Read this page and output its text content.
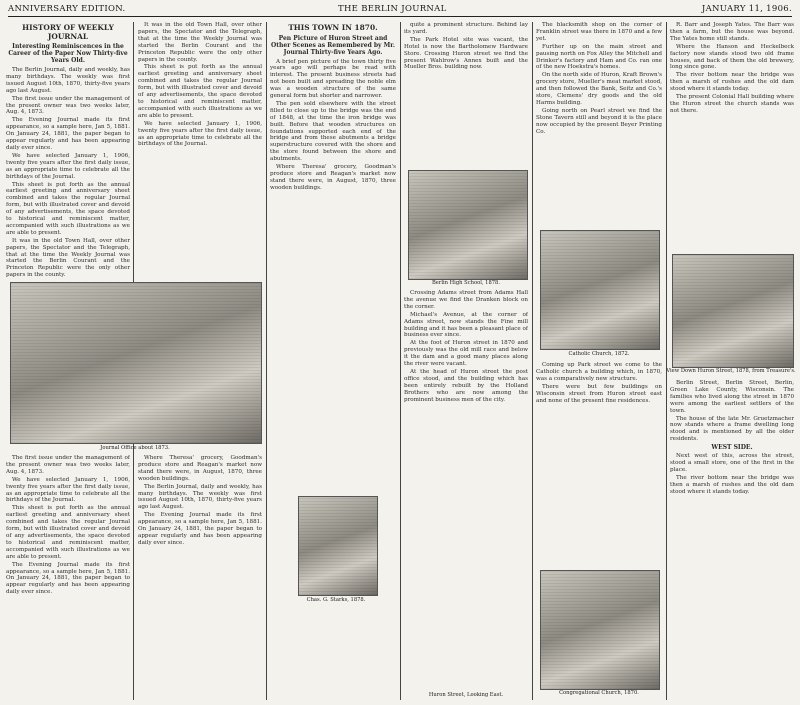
ANNIVERSARY EDITION.	THE BERLIN JOURNAL	JANUARY 11, 1906.
HISTORY OF WEEKLY JOURNAL
Interesting Reminiscences in the Career of the Paper Now Thirty-five Years Old.

The Berlin Journal, daily and weekly, has many birthdays. The weekly was first issued August 10th, 1870, thirty-five years ago last August.

The first issue under the management of the present owner was two weeks later, Aug. 4, 1873.

The Evening Journal made its first appearance, so a sample here, Jan 5, 1881. On January 24, 1881, the paper began to appear regularly and has been appearing daily ever since.

We have selected January 1, 1906, twenty five years after the first daily issue, as an appropriate time to celebrate all the birthdays of the Journal.

This sheet is put forth as the annual earliest greeting and anniversary sheet combined and takes the regular Journal form, but with illustrated cover and devoid of any advertisements, the space devoted to historical and reminiscent matter, accompanied with such illustrations as we are able to present.

It was in the old Town Hall, over other papers, the Spectator and the Telegraph, that at the time the Weekly Journal was started the Berlin Courant and the Princeton Republic were the only other papers in the county.

Journal Office about 1873.

The first issue under the management of the present owner was two weeks later, Aug. 4, 1873.

We have selected January 1, 1906, twenty five years after the first daily issue, as an appropriate time to celebrate all the birthdays of the Journal.

This sheet is put forth as the annual earliest greeting and anniversary sheet combined and takes the regular Journal form, but with illustrated cover and devoid of any advertisements, the space devoted to historical and reminiscent matter, accompanied with such illustrations as we are able to present.

The Evening Journal made its first appearance, so a sample here, Jan 5, 1881. On January 24, 1881, the paper began to appear regularly and has been appearing daily ever since.

It was in the old Town Hall, over other papers, the Spectator and the Telegraph, that at the time the Weekly Journal was started the Berlin Courant and the Princeton Republic were the only other papers in the county.

This sheet is put forth as the annual earliest greeting and anniversary sheet combined and takes the regular Journal form, but with illustrated cover and devoid of any advertisements, the space devoted to historical and reminiscent matter, accompanied with such illustrations as we are able to present.

We have selected January 1, 1906, twenty five years after the first daily issue, as an appropriate time to celebrate all the birthdays of the Journal.

Where Theresa' grocery, Goodman's produce store and Reagan's market now stand there were, in August, 1870, three wooden buildings.

The Berlin Journal, daily and weekly, has many birthdays. The weekly was first issued August 10th, 1870, thirty-five years ago last August.

The Evening Journal made its first appearance, so a sample here, Jan 5, 1881. On January 24, 1881, the paper began to appear regularly and has been appearing daily ever since.

THIS TOWN IN 1870.
Pen Picture of Huron Street and Other Scenes as Remembered by Mr. Journal Thirty-five Years Ago.

A brief pen picture of the town thirty five years ago will perhaps be read with interest. The present business streets had not been built and spreading the noble elm was a wooden structure of the same general form but shorter and narrower.

The pen sold elsewhere with the street filled to close up to the bridge was the end of 1848, at the time the iron bridge was built. Before that wooden structures on foundations supported each end of the bridge and from these abutments a bridge superstructure covered with the shore and the store found between the shore and abutments.

Where Theresa' grocery, Goodman's produce store and Reagan's market now stand there were, in August, 1870, three wooden buildings.

Chas. G. Starks, 1878.

quite a prominent structure. Behind lay its yard.

The Park Hotel site was vacant, the Hotel is now the Bartholomew Hardware Store. Crossing Huron street we find the present Wahlrow's Annex built and the Mueller Bros. building now.

Berlin High School, 1878.

Crossing Adams street from Adams Hall the avenue we find the Dranken block on the corner.

Michael's Avenue, at the corner of Adams street, now stands the Fine mill building and it has been a pleasant place of business ever since.

At the foot of Huron street in 1870 and previously was the old mill race and below it the dam and a good many places along the river were vacant.

At the head of Huron street the post office stood, and the building which has been entirely rebuilt by the Holland Brothers who are now among the prominent business men of the city.

The blacksmith shop on the corner of Franklin street was there in 1870 and a few yet.

Further up on the main street and pausing north on Fox Alley the Mitchell and Drinker's factory and Ham and Co. ran one of the new Hoekstra's homes.

On the north side of Huron, Kraft Brown's grocery store, Mueller's meat market stood, and then followed the Bank, Seitz and Co.'s store, Clemens' dry goods and the old Harms building.

Going north on Pearl street we find the Stone Tavern still and beyond it is the place now occupied by the present Beyer Printing Co.

Catholic Church, 1872.

Coming up Park street we come to the Catholic church a building which, in 1870, was a comparatively new structure.

There were but few buildings on Wisconsin street from Huron street east and none of the present fine residences.

Congregational Church, 1870.

R. Barr and Joseph Yates. The Barr was then a farm, but the house was beyond. The Yates home still stands.

Where the Hanson and Heckelbeck factory now stands stood two old frame houses, and back of them the old brewery, long since gone.

The river bottom near the bridge was then a marsh of rushes and the old dam stood where it stands today.

The present Colonial Hall building where the Huron street the church stands was not there.

View Down Huron Street, 1878, from Treasure's.

Berlin Street, Berlin Street, Berlin, Green Lake County, Wisconsin. The families who lived along the street in 1870 were among the earliest settlers of the town.

The house of the late Mr. Gruetzmacher now stands where a frame dwelling long stood and is mentioned by all the older residents.

WEST SIDE.

Next west of this, across the street, stood a small store, one of the first in the place.

The river bottom near the bridge was then a marsh of rushes and the old dam stood where it stands today.

Huron Street, Looking East.
